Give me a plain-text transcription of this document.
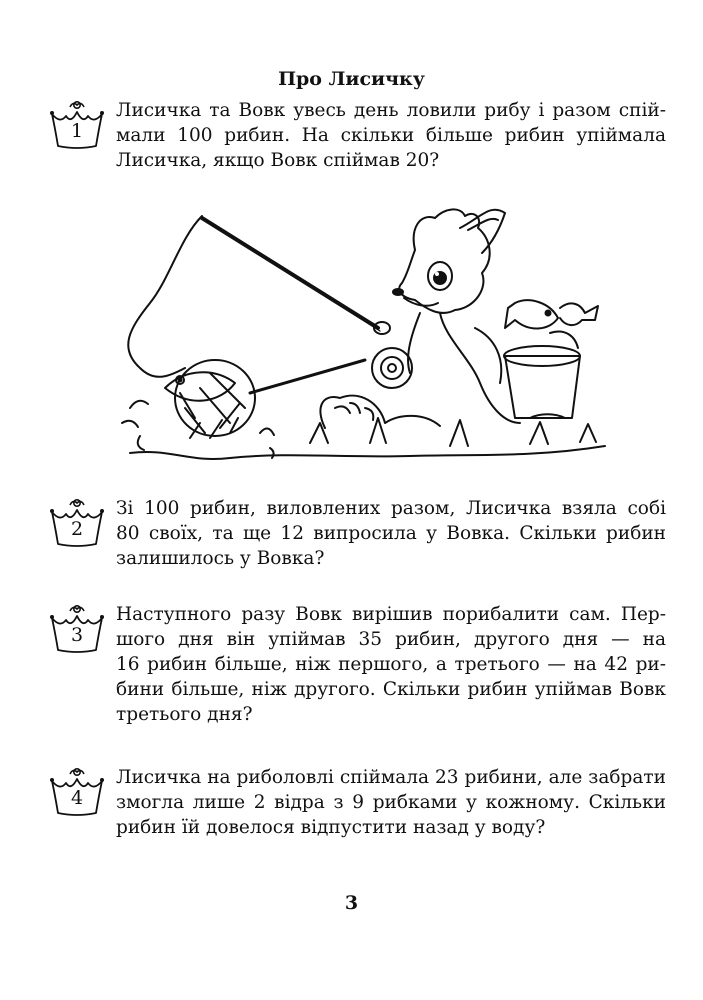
Про Лисичку
1
Лисичка та Вовк увесь день ловили рибу і разом спій-
мали 100 рибин. На скільки більше рибин упіймала
Лисичка, якщо Вовк спіймав 20?
2
Зі 100 рибин, виловлених разом, Лисичка взяла собі
80 своїх, та ще 12 випросила у Вовка. Скільки рибин
залишилось у Вовка?
3
Наступного разу Вовк вирішив порибалити сам. Пер-
шого дня він упіймав 35 рибин, другого дня — на
16 рибин більше, ніж першого, а третього — на 42 ри-
бини більше, ніж другого. Скільки рибин упіймав Вовк
третього дня?
4
Лисичка на риболовлі спіймала 23 рибини, але забрати
змогла лише 2 відра з 9 рибками у кожному. Скільки
рибин їй довелося відпустити назад у воду?
3
